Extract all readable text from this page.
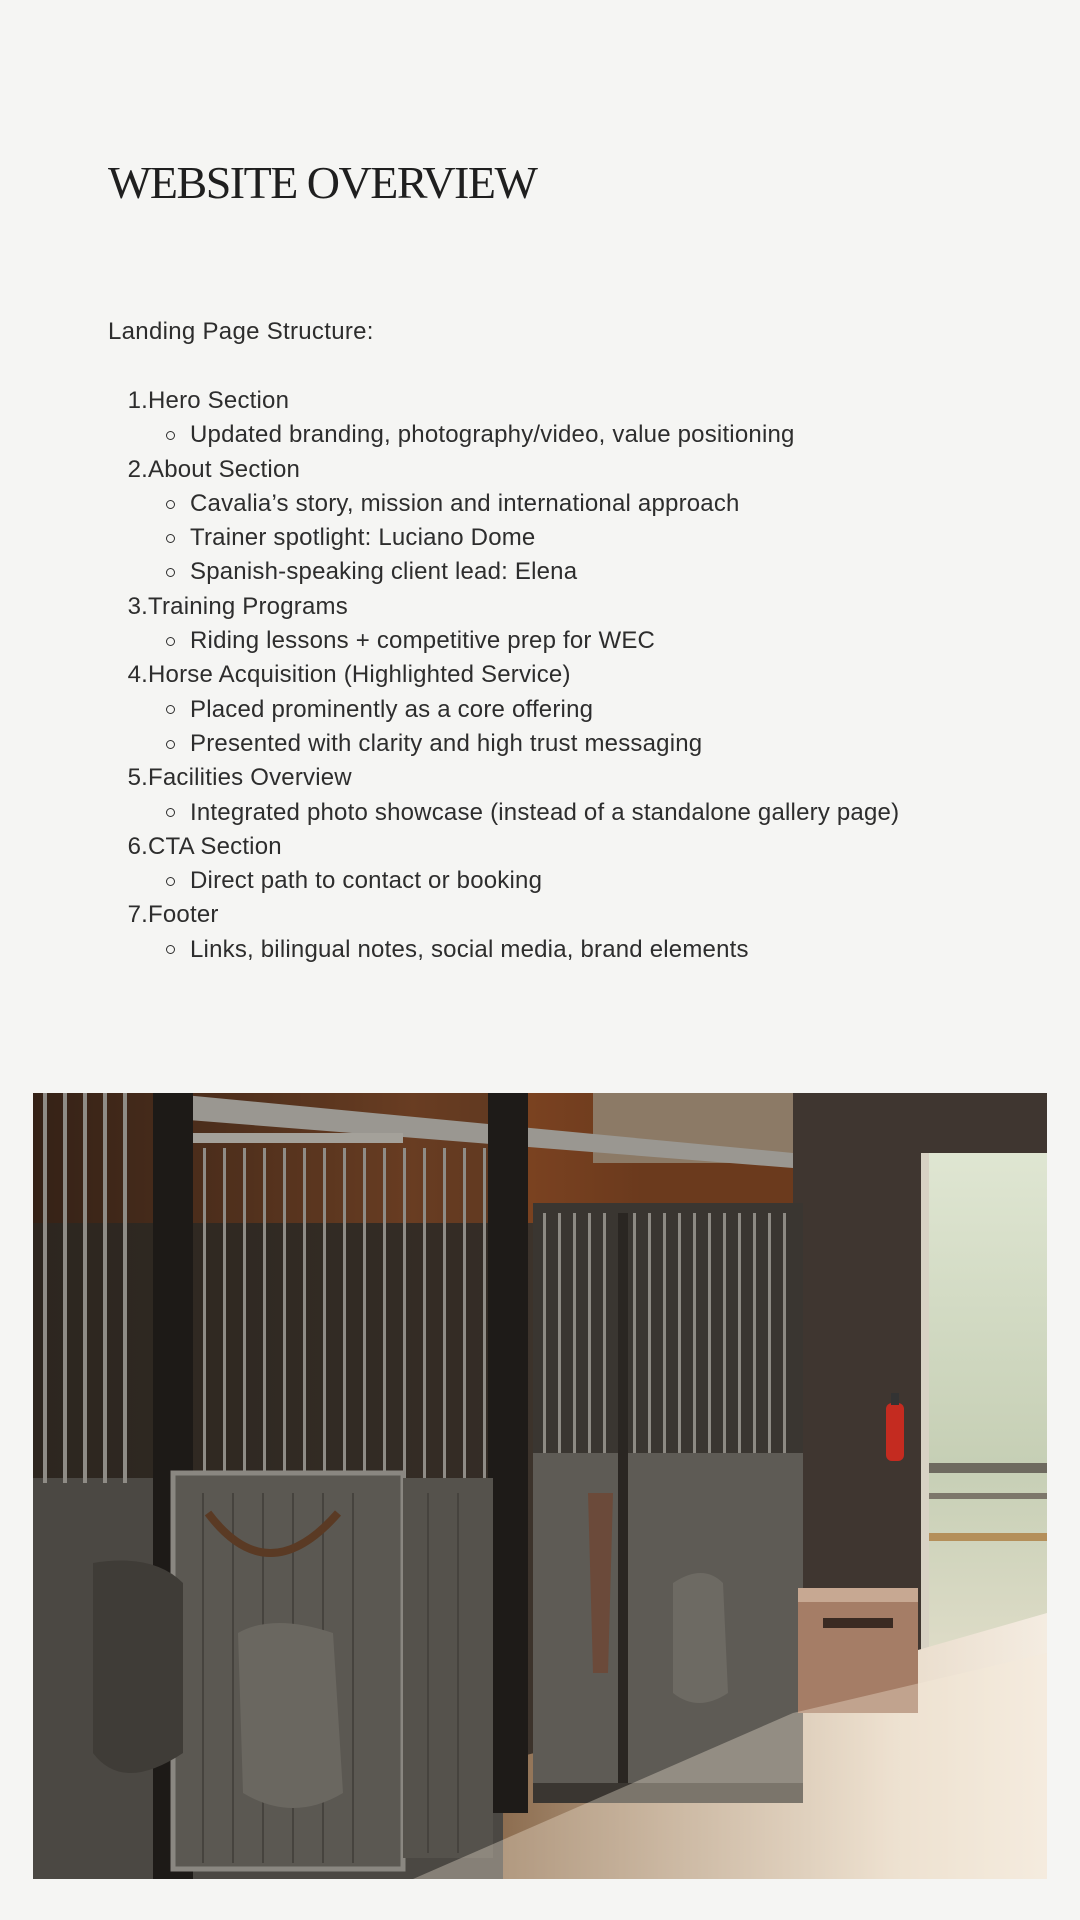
WEBSITE OVERVIEW
Landing Page Structure:
1. Hero Section
Updated branding, photography/video, value positioning
2. About Section
Cavalia’s story, mission and international approach
Trainer spotlight: Luciano Dome
Spanish-speaking client lead: Elena
3. Training Programs
Riding lessons + competitive prep for WEC
4. Horse Acquisition (Highlighted Service)
Placed prominently as a core offering
Presented with clarity and high trust messaging
5. Facilities Overview
Integrated photo showcase (instead of a standalone gallery page)
6. CTA Section
Direct path to contact or booking
7. Footer
Links, bilingual notes, social media, brand elements
